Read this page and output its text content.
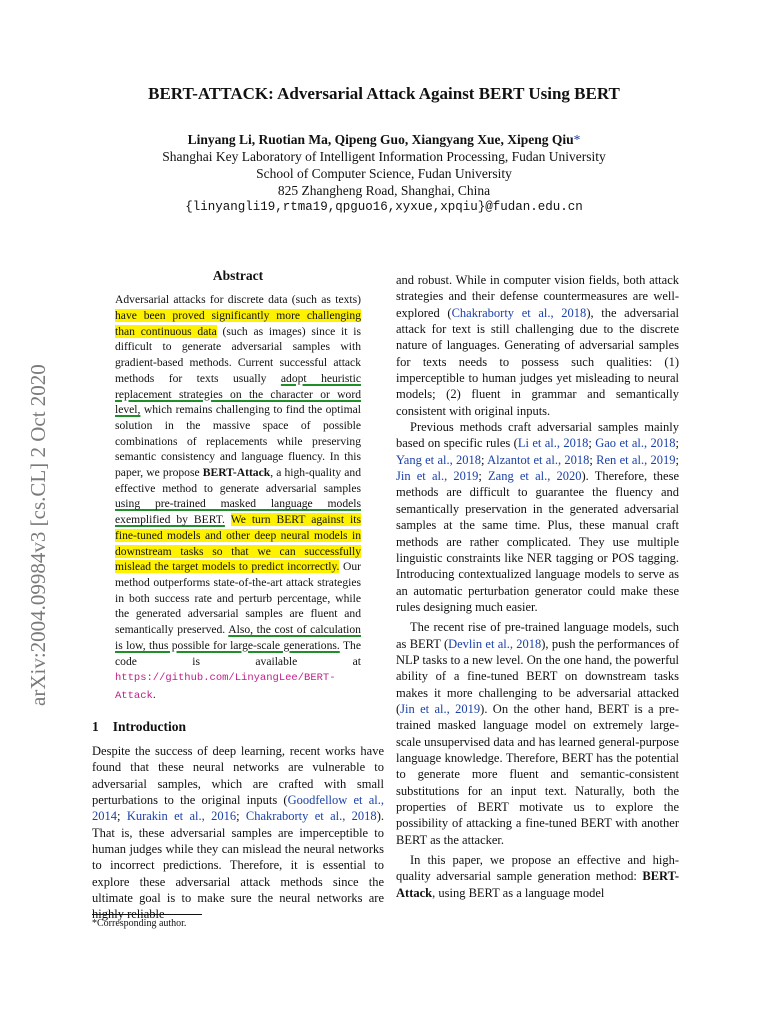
arXiv:2004.09984v3 [cs.CL] 2 Oct 2020
BERT-ATTACK: Adversarial Attack Against BERT Using BERT
Linyang Li, Ruotian Ma, Qipeng Guo, Xiangyang Xue, Xipeng Qiu*
Shanghai Key Laboratory of Intelligent Information Processing, Fudan University
School of Computer Science, Fudan University
825 Zhangheng Road, Shanghai, China
{linyangli19,rtma19,qpguo16,xyxue,xpqiu}@fudan.edu.cn
Abstract

Adversarial attacks for discrete data (such as texts) have been proved significantly more challenging than continuous data (such as images) since it is difficult to generate adversarial samples with gradient-based methods. Current successful attack methods for texts usually adopt heuristic replacement strategies on the character or word level, which remains challenging to find the optimal solution in the massive space of possible combinations of replacements while preserving semantic consistency and language fluency. In this paper, we propose BERT-Attack, a high-quality and effective method to generate adversarial samples using pre-trained masked language models exemplified by BERT. We turn BERT against its fine-tuned models and other deep neural models in downstream tasks so that we can successfully mislead the target models to predict incorrectly. Our method outperforms state-of-the-art attack strategies in both success rate and perturb percentage, while the generated adversarial samples are fluent and semantically preserved. Also, the cost of calculation is low, thus possible for large-scale generations. The code is available at https://github.com/LinyangLee/BERT-Attack.

1 Introduction

Despite the success of deep learning, recent works have found that these neural networks are vulnerable to adversarial samples, which are crafted with small perturbations to the original inputs (Goodfellow et al., 2014; Kurakin et al., 2016; Chakraborty et al., 2018). That is, these adversarial samples are imperceptible to human judges while they can mislead the neural networks to incorrect predictions. Therefore, it is essential to explore these adversarial attack methods since the ultimate goal is to make sure the neural networks are highly reliable

and robust. While in computer vision fields, both attack strategies and their defense countermeasures are well-explored (Chakraborty et al., 2018), the adversarial attack for text is still challenging due to the discrete nature of languages. Generating of adversarial samples for texts needs to possess such qualities: (1) imperceptible to human judges yet misleading to neural models; (2) fluent in grammar and semantically consistent with original inputs.

Previous methods craft adversarial samples mainly based on specific rules (Li et al., 2018; Gao et al., 2018; Yang et al., 2018; Alzantot et al., 2018; Ren et al., 2019; Jin et al., 2019; Zang et al., 2020). Therefore, these methods are difficult to guarantee the fluency and semantically preservation in the generated adversarial samples at the same time. Plus, these manual craft methods are rather complicated. They use multiple linguistic constraints like NER tagging or POS tagging. Introducing contextualized language models to serve as an automatic perturbation generator could make these rules designing much easier.

The recent rise of pre-trained language models, such as BERT (Devlin et al., 2018), push the performances of NLP tasks to a new level. On the one hand, the powerful ability of a fine-tuned BERT on downstream tasks makes it more challenging to be adversarial attacked (Jin et al., 2019). On the other hand, BERT is a pre-trained masked language model on extremely large-scale unsupervised data and has learned general-purpose language knowledge. Therefore, BERT has the potential to generate more fluent and semantic-consistent substitutions for an input text. Naturally, both the properties of BERT motivate us to explore the possibility of attacking a fine-tuned BERT with another BERT as the attacker.

In this paper, we propose an effective and high-quality adversarial sample generation method: BERT-Attack, using BERT as a language model

*Corresponding author.
